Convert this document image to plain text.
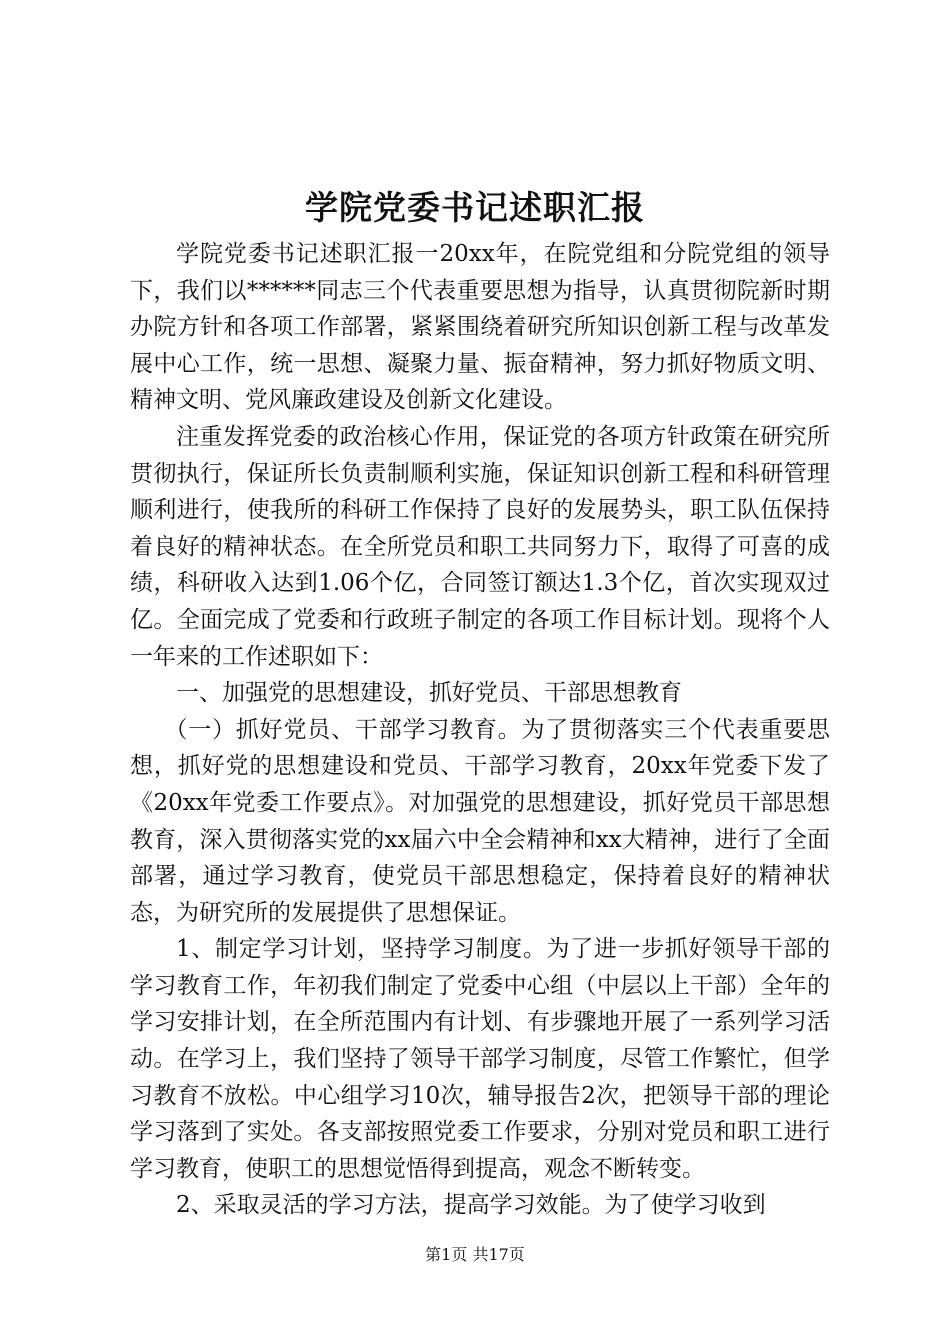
学院党委书记述职汇报

学院党委书记述职汇报一20xx年，在院党组和分院党组的领导下，我们以******同志三个代表重要思想为指导，认真贯彻院新时期办院方针和各项工作部署，紧紧围绕着研究所知识创新工程与改革发展中心工作，统一思想、凝聚力量、振奋精神，努力抓好物质文明、精神文明、党风廉政建设及创新文化建设。

注重发挥党委的政治核心作用，保证党的各项方针政策在研究所贯彻执行，保证所长负责制顺利实施，保证知识创新工程和科研管理顺利进行，使我所的科研工作保持了良好的发展势头，职工队伍保持着良好的精神状态。在全所党员和职工共同努力下，取得了可喜的成绩，科研收入达到1.06个亿，合同签订额达1.3个亿，首次实现双过亿。全面完成了党委和行政班子制定的各项工作目标计划。现将个人一年来的工作述职如下：

一、加强党的思想建设，抓好党员、干部思想教育

（一）抓好党员、干部学习教育。为了贯彻落实三个代表重要思想，抓好党的思想建设和党员、干部学习教育，20xx年党委下发了《20xx年党委工作要点》。对加强党的思想建设，抓好党员干部思想教育，深入贯彻落实党的xx届六中全会精神和xx大精神，进行了全面部署，通过学习教育，使党员干部思想稳定，保持着良好的精神状态，为研究所的发展提供了思想保证。

1、制定学习计划，坚持学习制度。为了进一步抓好领导干部的学习教育工作，年初我们制定了党委中心组（中层以上干部）全年的学习安排计划，在全所范围内有计划、有步骤地开展了一系列学习活动。在学习上，我们坚持了领导干部学习制度，尽管工作繁忙，但学习教育不放松。中心组学习10次，辅导报告2次，把领导干部的理论学习落到了实处。各支部按照党委工作要求，分别对党员和职工进行学习教育，使职工的思想觉悟得到提高，观念不断转变。

2、采取灵活的学习方法，提高学习效能。为了使学习收到

第1页 共17页
